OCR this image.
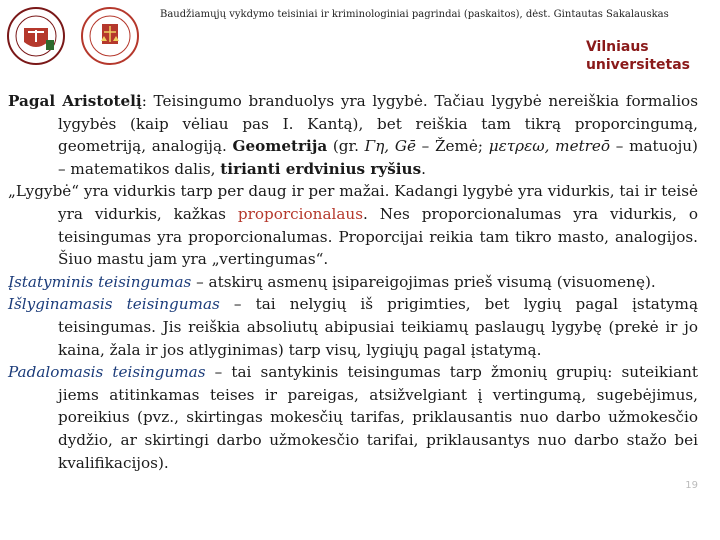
Baudžiamųjų vykdymo teisiniai ir kriminologiniai pagrindai (paskaitos), dėst. Gintautas Sakalauskas
Vilniaus
universitetas

Pagal Aristotelį: Teisingumo branduolys yra lygybė. Tačiau lygybė nereiškia formalios lygybės (kaip vėliau pas I. Kantą), bet reiškia tam tikrą proporcingumą, geometriją, analogiją. Geometrija (gr. Γη, Gē – Žemė; μετρεω, metreō – matuoju) – matematikos dalis, tirianti erdvinius ryšius.

„Lygybė“ yra vidurkis tarp per daug ir per mažai. Kadangi lygybė yra vidurkis, tai ir teisė yra vidurkis, kažkas proporcionalaus. Nes proporcionalumas yra vidurkis, o teisingumas yra proporcionalumas. Proporcijai reikia tam tikro masto, analogijos. Šiuo mastu jam yra „vertingumas“.

Įstatyminis teisingumas – atskirų asmenų įsipareigojimas prieš visumą (visuomenę).

Išlyginamasis teisingumas – tai nelygių iš prigimties, bet lygių pagal įstatymą teisingumas. Jis reiškia absoliutų abipusiai teikiamų paslaugų lygybę (prekė ir jo kaina, žala ir jos atlyginimas) tarp visų, lygiųjų pagal įstatymą.

Padalomasis teisingumas – tai santykinis teisingumas tarp žmonių grupių: suteikiant jiems atitinkamas teises ir pareigas, atsižvelgiant į vertingumą, sugebėjimus, poreikius (pvz., skirtingas mokesčių tarifas, priklausantis nuo darbo užmokesčio dydžio, ar skirtingi darbo užmokesčio tarifai, priklausantys nuo darbo stažo bei kvalifikacijos).

19
